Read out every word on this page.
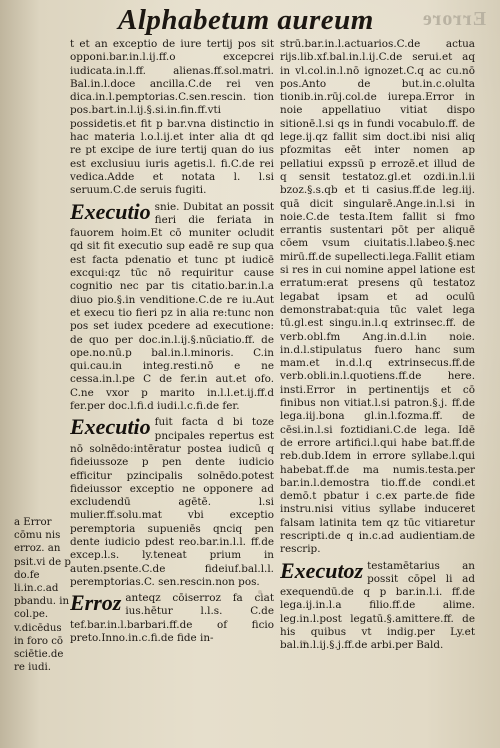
Errore
Alphabetum aureum

t et an exceptio de iure tertij pos sit opponi.bar.in.l.ij.ff.o excepcrei iudicata.in.l.ff. alienas.ff.sol.matri. Bal.in.l.doce ancilla.C.de rei ven dica.in.l.pemptorias.C.sen.rescin. tion pos.bart.in.l.ij.§.si.in.fin.ff.vti possidetis.et fit p bar.vna distinctio in hac materia l.o.l.ij.et inter alia dt qd re pt excipe de iure tertij quan do ius est exclusiuu iuris agetis.l. fi.C.de rei vedica.Adde et notata l. l.si seruum.C.de seruis fugiti.

Executio snie. Dubitat an possit fieri die feriata in fauorem hoim.Et cō muniter ocludit qd sit fit executio sup eadē re sup qua est facta pdenatio et tunc pt iudicē excqui:qz tūc nō requiritur cause cognitio nec par tis citatio.bar.in.l.a diuo pio.§.in venditione.C.de re iu.Aut et execu tio fieri pz in alia re:tunc non pos set iudex pcedere ad executione: de quo per doc.in.l.ij.§.nūciatio.ff. de ope.no.nū.p bal.in.l.minoris. C.in qui.cau.in integ.resti.nō e ne cessa.in.l.pe C de fer.in aut.et ofo. C.ne vxor p marito in.l.l.et.ij.ff.d fer.per doc.l.fi.d iudi.l.c.fi.de fer.
Executio fuit facta d bi toze pncipales repertus est nō solnēdo:intēratur postea iudicū q fideiussoze p pen dente iudicio efficitur pzincipalis solnēdo.potest fideiussor exceptio ne opponere ad excludendū agētē. l.si mulier.ff.solu.mat vbi exceptio peremptoria supueniēs qnciq pen dente iudicio pdest reo.bar.in.l.l. ff.de excep.l.s. ly.teneat prium in auten.psente.C.de fideiuf.bal.l.l. peremptorias.C. sen.rescin.non pos.
Erroz anteqz cōiserroz fa ciat ius.hētur l.l.s. C.de tef.bar.in.l.barbari.ff.de of ficio preto.Inno.in.c.fi.de fide in-

strū.bar.in.l.actuarios.C.de actua rijs.lib.xf.bal.in.l.ij.C.de serui.et aq in vl.col.in.l.nō ignozet.C.q ac cu.nō pos.Anto de but.in.c.olulta tionib.in.rūj.col.de iurepa.Error in noie appellatiuo vitiat dispo sitionē.l.si qs in fundi vocabulo.ff. de lege.ij.qz fallit sim doct.ibi nisi aliq pfozmitas eēt inter nomen ap pellatiui expssū p errozē.et illud de q sensit testatoz.gl.et ozdi.in.l.ii bzoz.§.s.qb et ti casius.ff.de leg.iij. quā dicit singularē.Ange.in.l.si in noie.C.de testa.Item fallit si fmo errantis sustentari pōt per aliquē cōem vsum ciuitatis.l.labeo.§.nec mirū.ff.de supellecti.lega.Fallit etiam si res in cui nomine appel latione est erratum:erat presens qū testatoz legabat ipsam et ad oculū demonstrabat:quia tūc valet lega tū.gl.est singu.in.l.q extrinsec.ff. de verb.obl.fm Ang.in.d.l.in noie. in.d.l.stipulatus fuero hanc sum mam.et in.d.l.q extrinsecus.ff.de verb.obli.in.l.quotiens.ff.de here. insti.Error in pertinentijs et cō finibus non vitiat.l.si patron.§.j. ff.de lega.iij.bona gl.in.l.fozma.ff. de cēsi.in.l.si foztidiani.C.de lega. Idē de errore artifici.l.qui habe bat.ff.de reb.dub.Idem in errore syllabe.l.qui habebat.ff.de ma numis.testa.per bar.in.l.demostra tio.ff.de condi.et demō.t pbatur i c.ex parte.de fide instru.nisi vitius syllabe induceret falsam latinita tem qz tūc vitiaretur rescripti.de q in.c.ad audientiam.de rescrip.

Executoz testamētarius an possit cōpel li ad exequendū.de q p bar.in.l.i. ff.de lega.ij.in.l.a filio.ff.de alime. leg.in.l.post legatū.§.amittere.ff. de his quibus vt indig.per Ly.et bal.in.l.ij.§.j.ff.de arbi.per Bald.
a Error cōmu nis erroz. an psit.vi de p do.fe li.in.c.ad pbandu. in col.pe. v.dicēdus in foro cō sciētie.de re iudi.
